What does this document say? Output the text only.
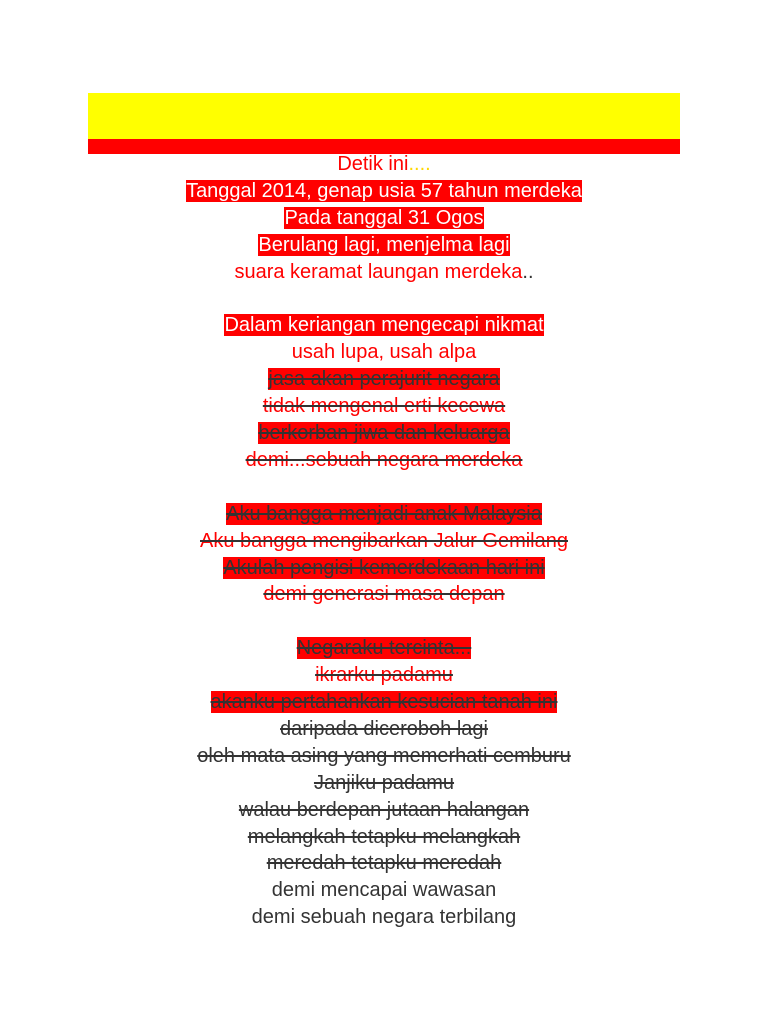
Detik ini....
Tanggal 2014, genap usia 57 tahun merdeka
Pada tanggal 31 Ogos
Berulang lagi, menjelma lagi
suara keramat laungan merdeka..
Dalam keriangan mengecapi nikmat
usah lupa, usah alpa
jasa akan perajurit negara
tidak mengenal erti kecewa
berkorban jiwa dan keluarga
demi...sebuah negara merdeka
Aku bangga menjadi anak Malaysia
Aku bangga mengibarkan Jalur Gemilang
Akulah pengisi kemerdekaan hari ini
demi generasi masa depan
Negaraku tercinta...
ikrarku padamu
akanku pertahankan kesucian tanah ini
daripada diceroboh lagi
oleh mata asing yang memerhati cemburu
Janjiku padamu
walau berdepan jutaan halangan
melangkah tetapku melangkah
meredah tetapku meredah
demi mencapai wawasan
demi sebuah negara terbilang
